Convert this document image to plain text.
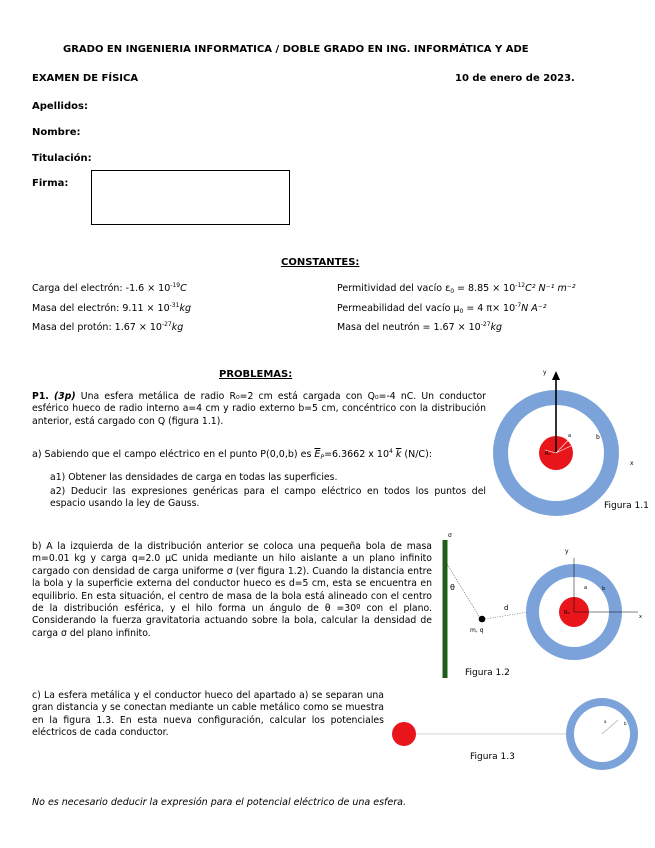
GRADO EN INGENIERIA INFORMATICA / DOBLE GRADO EN ING. INFORMÁTICA Y ADE
EXAMEN DE FÍSICA	10 de enero de 2023.
Apellidos:
Nombre:
Titulación:
Firma:
CONSTANTES:
Carga del electrón: $-1.6 \times 10^{-19}C$
Masa del electrón: $9.11 \times 10^{-31}kg$
Masa del protón: $1.67 \times 10^{-27}kg$
Permitividad del vacío $\varepsilon_0 = 8.85 \times 10^{-12}C^2$ N⁻¹ m⁻²
Permeabilidad del vacío $\mu_0 = 4$ $\pi\times 10^{-7}N$ A⁻²
Masa del neutrón = $1.67 \times 10^{-27}kg$
PROBLEMAS:
P1. (3p) Una esfera metálica de radio R₀=2 cm está cargada con Q₀=-4 nC. Un conductor esférico hueco de radio interno a=4 cm y radio externo b=5 cm, concéntrico con la distribución anterior, está cargado con Q (figura 1.1).
a) Sabiendo que el campo eléctrico en el punto P(0,0,b) es $\overline{E}_P=6.3662$ x $10^4$ $\overline{k}$ (N/C):
a1) Obtener las densidades de carga en todas las superficies.
a2) Deducir las expresiones genéricas para el campo eléctrico en todos los puntos del espacio usando la ley de Gauss.
b) A la izquierda de la distribución anterior se coloca una pequeña bola de masa m=0.01 kg y carga q=2.0 μC unida mediante un hilo aislante a un plano infinito cargado con densidad de carga uniforme σ (ver figura 1.2). Cuando la distancia entre la bola y la superficie externa del conductor hueco es d=5 cm, esta se encuentra en equilibrio. En esta situación, el centro de masa de la bola está alineado con el centro de la distribución esférica, y el hilo forma un ángulo de θ =30º con el plano. Considerando la fuerza gravitatoria actuando sobre la bola, calcular la densidad de carga σ del plano infinito.
c) La esfera metálica y el conductor hueco del apartado a) se separan una gran distancia y se conectan mediante un cable metálico como se muestra en la figura 1.3. En esta nueva configuración, calcular los potenciales eléctricos de cada conductor.
No es necesario deducir la expresión para el potencial eléctrico de una esfera.
y
x
R₀
a	b
Figura 1.1
σ
θ
m, q
d
y
x
R₀
a	b
Figura 1.2
a	b
Figura 1.3
